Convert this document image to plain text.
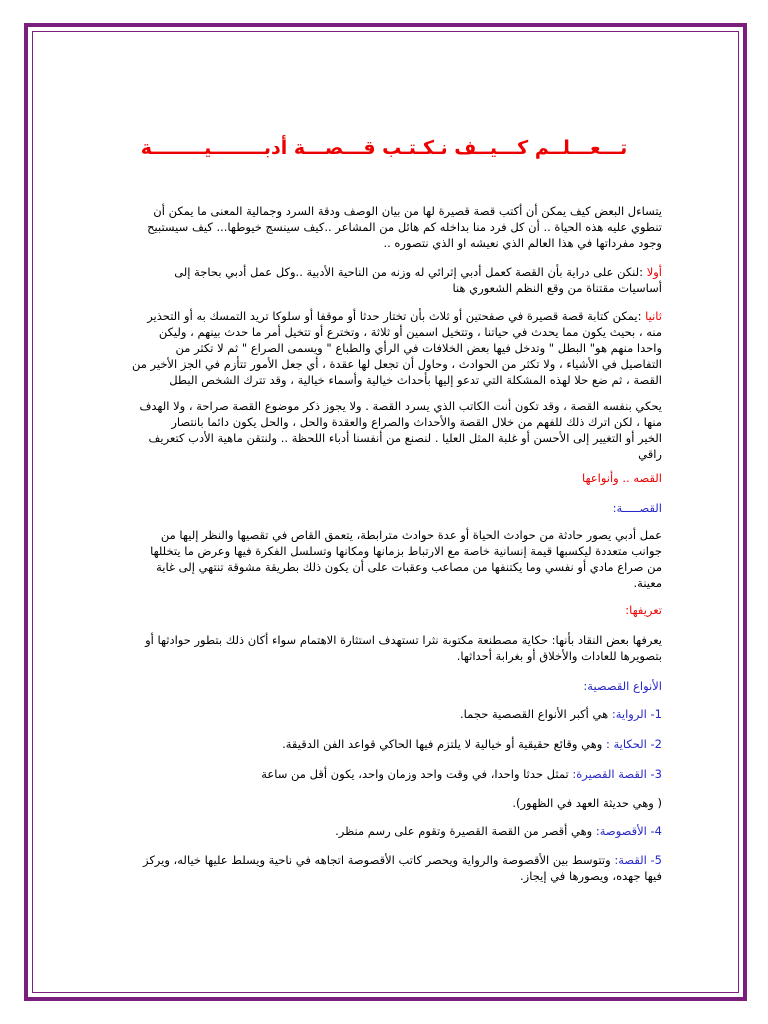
تـــعـــلــم كـــيــف نـكـتـب قـــصـــة أدبــــــــيــــــــة
يتساءل البعض كيف يمكن أن أكتب قصة قصيرة لها من بيان الوصف ودقة السرد وجمالية المعنى ما يمكن أن
تنطوي عليه هذه الحياة .. أن كل فرد منا بداخله كم هائل من المشاعر ..كيف سينسج خيوطها... كيف سيستبيح
وجود مفرداتها في هذا العالم الذي نعيشه او الذي نتصوره ..
أولا :لنكن على دراية بأن القصة كعمل أدبي إثرائي له وزنه من الناحية الأدبية ..وكل عمل أدبي بحاجة إلى
أساسيات مقتناة من وقع النظم الشعوري هنا
ثانيا :يمكن كتابة قصة قصيرة في صفحتين أو ثلاث بأن تختار حدثا أو موقفا أو سلوكا تريد التمسك به أو التحذير
منه ، بحيث يكون مما يحدث في حياتنا ، وتتخيل اسمين أو ثلاثة ، وتخترع أو تتخيل أمر ما حدث بينهم ، وليكن
واحدا منهم هو" البطل " وتدخل فيها بعض الخلافات في الرأي والطباع " ويسمى الصراع " ثم لا تكثر من
التفاصيل في الأشياء ، ولا تكثر من الحوادث ، وحاول أن تجعل لها عقدة ، أي جعل الأمور تتأزم في الجز الأخير من
القصة ، ثم ضع حلا لهذه المشكلة التي تدعو إليها بأحداث خيالية وأسماء خيالية ، وقد تترك الشخص البطل
يحكي بنفسه القصة ، وقد تكون أنت الكاتب الذي يسرد القصة . ولا يجوز ذكر موضوع القصة صراحة ، ولا الهدف
منها ، لكن اترك ذلك للفهم من خلال القصة والأحداث والصراع والعقدة والحل ، والحل يكون دائما بانتصار
الخير أو التغيير إلى الأحسن أو غلبة المثل العليا . لنصنع من أنفسنا أدباء اللحظة .. ولنتقن ماهية الأدب كتعريف
راقي
القصه .. وأنواعها
القصـــــة:
عمل أدبي يصور حادثة من حوادث الحياة أو عدة حوادث مترابطة، يتعمق القاص في تقصيها والنظر إليها من
جوانب متعددة ليكسبها قيمة إنسانية خاصة مع الارتباط بزمانها ومكانها وتسلسل الفكرة فيها وعرض ما يتخللها
من صراع مادي أو نفسي وما يكتنفها من مصاعب وعقبات على أن يكون ذلك بطريقة مشوقة تنتهي إلى غاية
معينة.
تعريفها:
يعرفها بعض النقاد بأنها: حكاية مصطنعة مكتوبة نثرا تستهدف استثارة الاهتمام سواء أكان ذلك بتطور حوادثها أو
بتصويرها للعادات والأخلاق أو بغرابة أحداثها.
الأنواع القصصية:
1- الرواية: هي أكبر الأنواع القصصية حجما.
2- الحكاية : وهي وقائع حقيقية أو خيالية لا يلتزم فيها الحاكي قواعد الفن الدقيقة.
3- القصة القصيرة: تمثل حدثا واحدا، في وقت واحد وزمان واحد، يكون أقل من ساعة
( وهي حديثة العهد في الظهور).
4- الأقصوصة: وهي أقصر من القصة القصيرة وتقوم على رسم منظر.
5- القصة: وتتوسط بين الأقصوصة والرواية ويحصر كاتب الأقصوصة اتجاهه في ناحية ويسلط عليها خياله، ويركز
فيها جهده، ويصورها في إيجاز.
